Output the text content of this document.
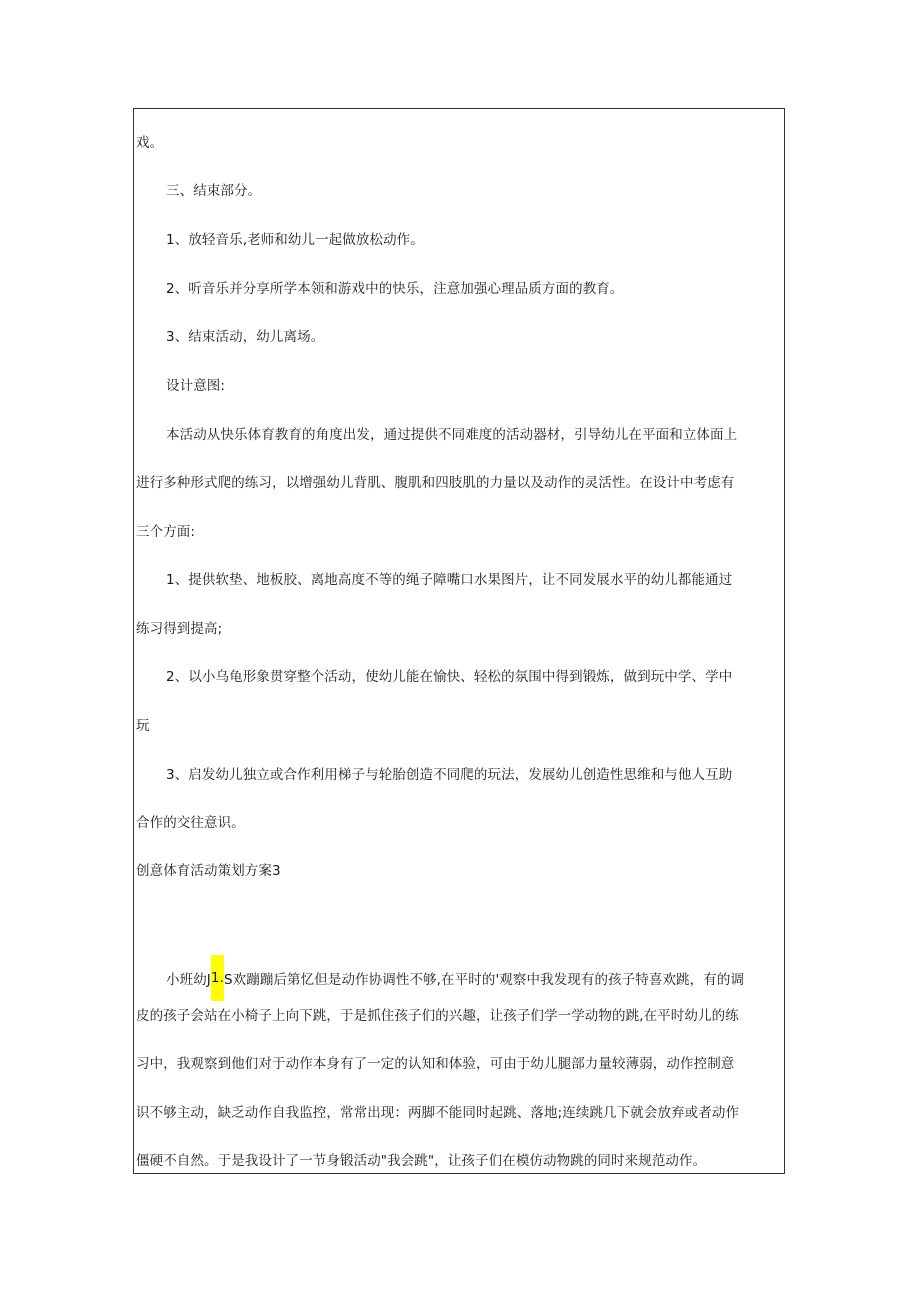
戏。
三、结束部分。
1、放轻音乐,老师和幼儿一起做放松动作。
2、听音乐并分享所学本领和游戏中的快乐，注意加强心理品质方面的教育。
3、结束活动，幼儿离场。
设计意图:
本活动从快乐体育教育的角度出发，通过提供不同难度的活动器材，引导幼儿在平面和立体面上
进行多种形式爬的练习，以增强幼儿背肌、腹肌和四肢肌的力量以及动作的灵活性。在设计中考虑有
三个方面:
1、提供软垫、地板胶、离地高度不等的绳子障嘴口水果图片，让不同发展水平的幼儿都能通过
练习得到提高;
2、以小乌龟形象贯穿整个活动，使幼儿能在愉快、轻松的氛围中得到锻炼，做到玩中学、学中
玩
3、启发幼儿独立或合作利用梯子与轮胎创造不同爬的玩法，发展幼儿创造性思维和与他人互助
合作的交往意识。
创意体育活动策划方案3
小班幼J1.S欢蹦蹦后第忆但是动作协调性不够,在平时的'观察中我发现有的孩子特喜欢跳，有的调
皮的孩子会站在小椅子上向下跳，于是抓住孩子们的兴趣，让孩子们学一学动物的跳,在平时幼儿的练
习中，我观察到他们对于动作本身有了一定的认知和体验，可由于幼儿腿部力量较薄弱，动作控制意
识不够主动，缺乏动作自我监控，常常出现：两脚不能同时起跳、落地;连续跳几下就会放弃或者动作
僵硬不自然。于是我设计了一节身锻活动"我会跳"，让孩子们在模仿动物跳的同时来规范动作。
